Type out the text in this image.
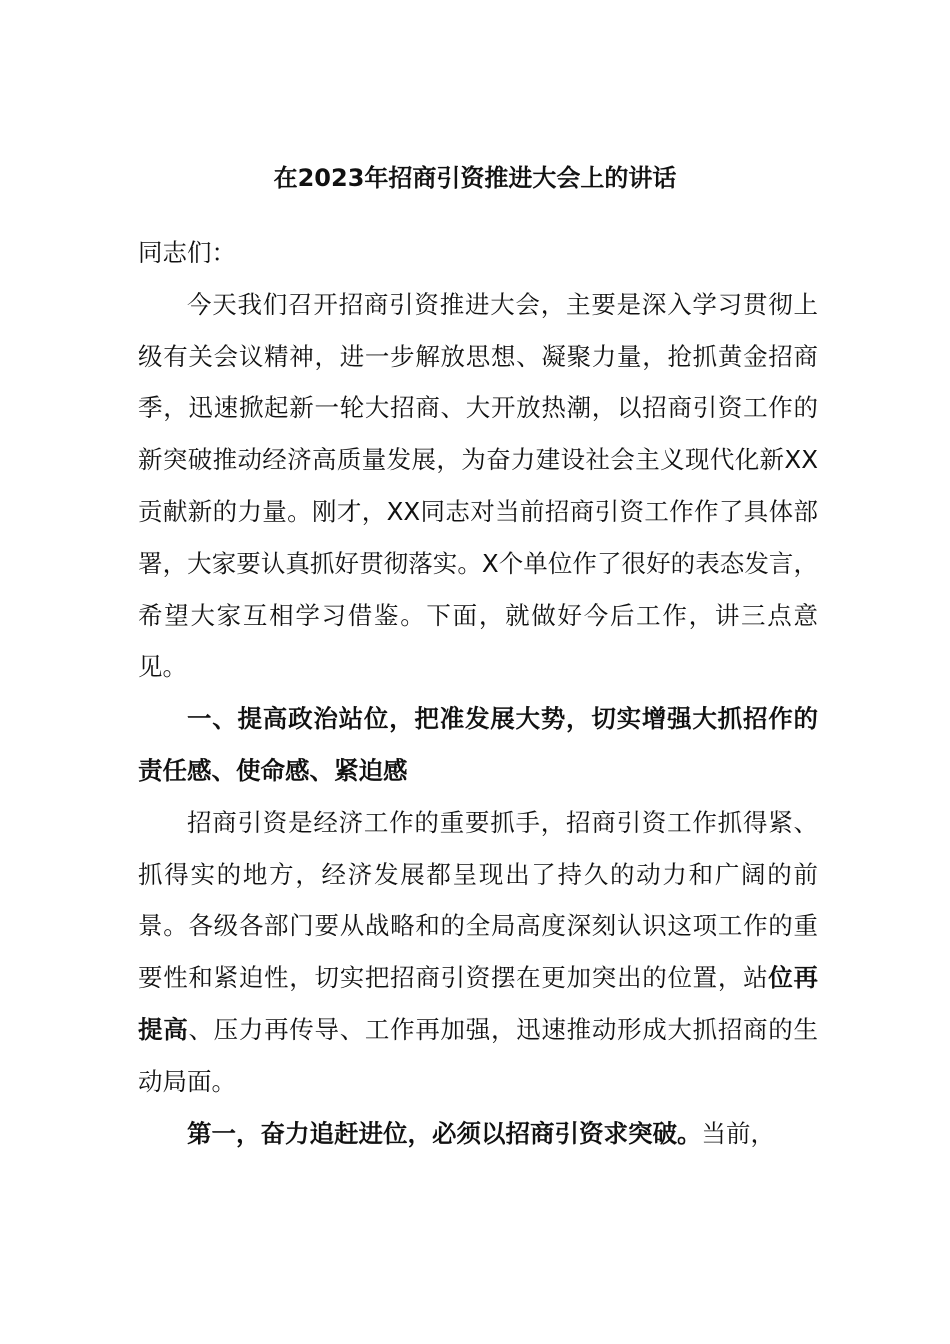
在2023年招商引资推进大会上的讲话

同志们：

今天我们召开招商引资推进大会，主要是深入学习贯彻上级有关会议精神，进一步解放思想、凝聚力量，抢抓黄金招商季，迅速掀起新一轮大招商、大开放热潮，以招商引资工作的新突破推动经济高质量发展，为奋力建设社会主义现代化新XX贡献新的力量。刚才，XX同志对当前招商引资工作作了具体部署，大家要认真抓好贯彻落实。X个单位作了很好的表态发言，希望大家互相学习借鉴。下面，就做好今后工作，讲三点意见。

一、提高政治站位，把准发展大势，切实增强大抓招作的责任感、使命感、紧迫感

招商引资是经济工作的重要抓手，招商引资工作抓得紧、抓得实的地方，经济发展都呈现出了持久的动力和广阔的前景。各级各部门要从战略和的全局高度深刻认识这项工作的重要性和紧迫性，切实把招商引资摆在更加突出的位置，站位再提高、压力再传导、工作再加强，迅速推动形成大抓招商的生动局面。

第一，奋力追赶进位，必须以招商引资求突破。当前，
